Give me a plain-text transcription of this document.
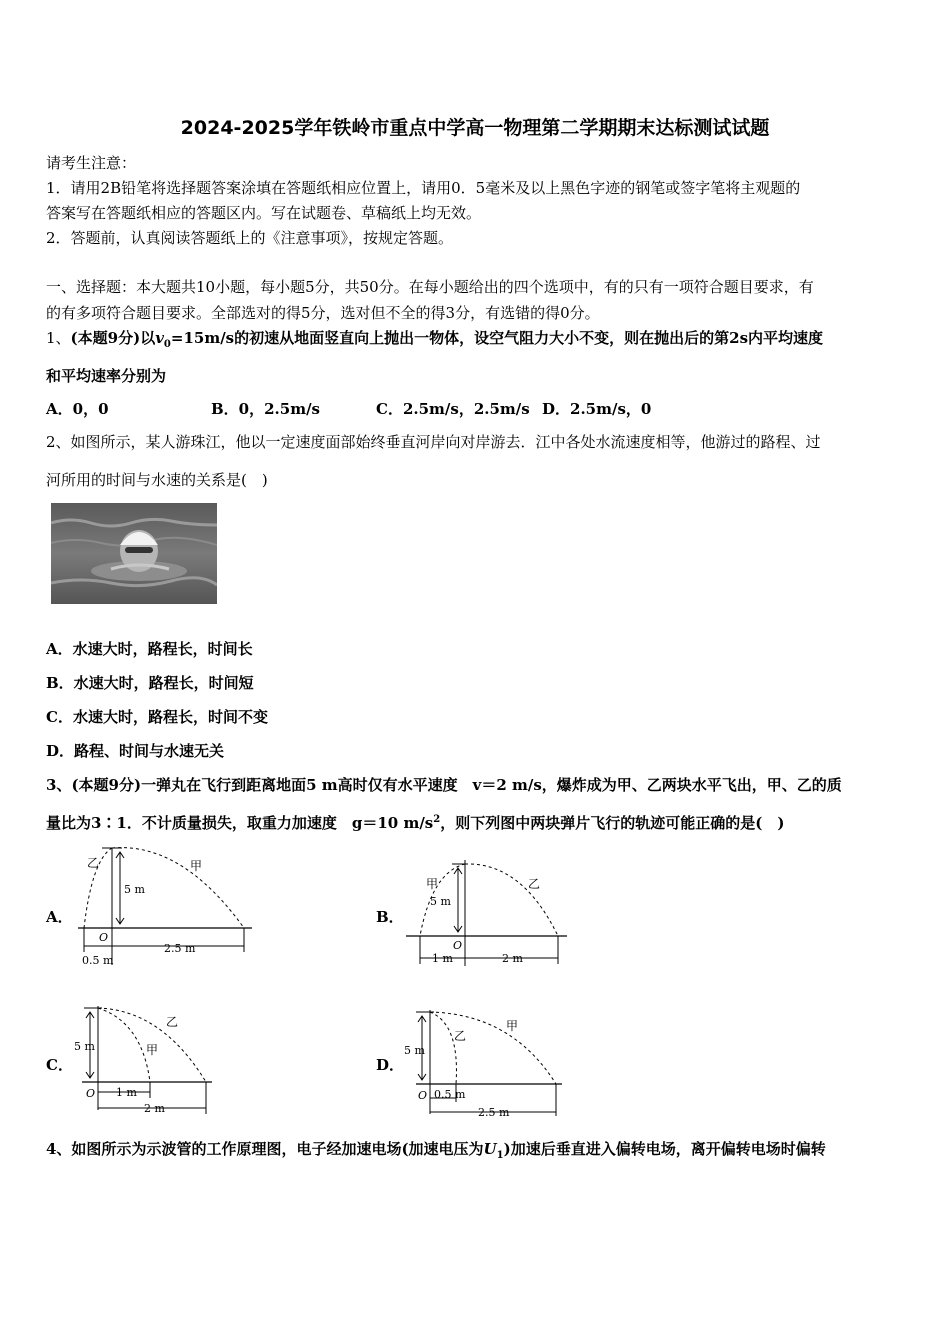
2024-2025学年铁岭市重点中学高一物理第二学期期末达标测试试题
请考生注意：
1．请用2B铅笔将选择题答案涂填在答题纸相应位置上，请用0．5毫米及以上黑色字迹的钢笔或签字笔将主观题的
答案写在答题纸相应的答题区内。写在试题卷、草稿纸上均无效。
2．答题前，认真阅读答题纸上的《注意事项》，按规定答题。
一、选择题：本大题共10小题，每小题5分，共50分。在每小题给出的四个选项中，有的只有一项符合题目要求，有
的有多项符合题目要求。全部选对的得5分，选对但不全的得3分，有选错的得0分。
1、(本题9分)以$v_0=15m/s$的初速从地面竖直向上抛出一物体，设空气阻力大小不变，则在抛出后的第2s内平均速度
和平均速率分别为
A．0，0	B．0，2.5m/s	C．2.5m/s，2.5m/s D．2.5m/s，0
2、如图所示，某人游珠江，他以一定速度面部始终垂直河岸向对岸游去．江中各处水流速度相等，他游过的路程、过
河所用的时间与水速的关系是(　)
A．水速大时，路程长，时间长
B．水速大时，路程长，时间短
C．水速大时，路程长，时间不变
D．路程、时间与水速无关
3、(本题9分)一弹丸在飞行到距离地面5 m高时仅有水平速度　v＝2 m/s，爆炸成为甲、乙两块水平飞出，甲、乙的质
量比为3∶1．不计质量损失，取重力加速度　g＝10 $m/s^2$，则下列图中两块弹片飞行的轨迹可能正确的是(　)
A．
乙	甲
5 m
O
0.5 m
2.5 m
B．
甲	乙
5 m
O
1 m	2 m
C．
乙
甲
5 m
O 1 m
2 m
D．
甲
乙
5 m
O 0.5 m
2.5 m
4、如图所示为示波管的工作原理图，电子经加速电场(加速电压为$U_1$)加速后垂直进入偏转电场，离开偏转电场时偏转
